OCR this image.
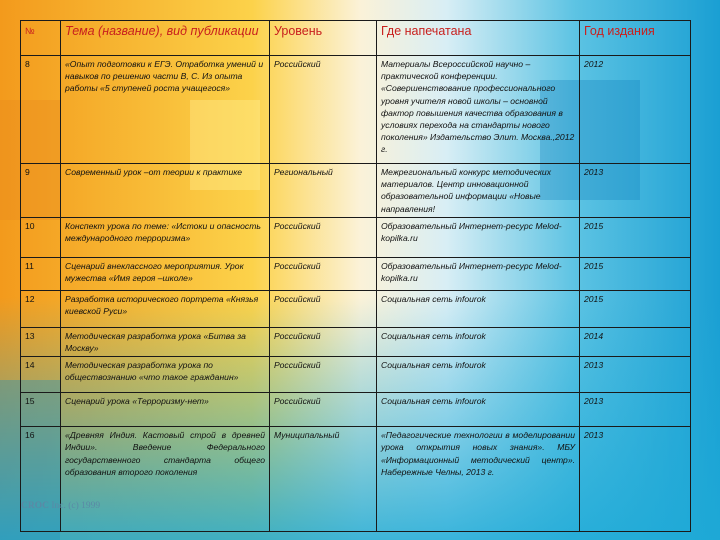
№	Тема (название), вид публикации	Уровень	Где напечатана	Год издания
8	«Опыт подготовки к ЕГЭ. Отработка умений и навыков по решению части В, С. Из опыта работы «5 ступеней роста учащегося»	Российский	Материалы Всероссийской научно – практической конференции. «Совершенствование профессионального уровня учителя новой школы – основной фактор повышения качества образования в условиях перехода на стандарты нового поколения» Издательство Элит. Москва.,2012 г.	2012
9	Современный урок –от теории к практике	Региональный	Межрегиональный конкурс методических материалов. Центр инновационной образовательной информации «Новые направления!	2013
10	Конспект урока по теме: «Истоки и опасность международного терроризма»	Российский	Образовательный Интернет-ресурс Melod-kopilka.ru	2015
11	Сценарий внеклассного мероприятия. Урок мужества «Имя героя –школе»	Российский	Образовательный Интернет-ресурс Melod-kopilka.ru	2015
12	Разработка исторического портрета «Князья киевской Руси»	Российский	Социальная сеть infourok	2015
13	Методическая разработка урока «Битва за Москву»	Российский	Социальная сеть infourok	2014
14	Методическая разработка урока по обществознанию «что такое гражданин»	Российский	Социальная сеть infourok	2013
15	Сценарий урока «Терроризму-нет»	Российский	Социальная сеть infourok	2013
16	«Древняя Индия. Кастовый строй в древней Индии». Введение Федерального государственного стандарта общего образования второго поколения	Муниципальный	«Педагогические технологии в моделировании урока открытия новых знания». МБУ «Информационный методический центр». Набережные Челны, 2013 г.	2013
CROC Inc. (c) 1999
